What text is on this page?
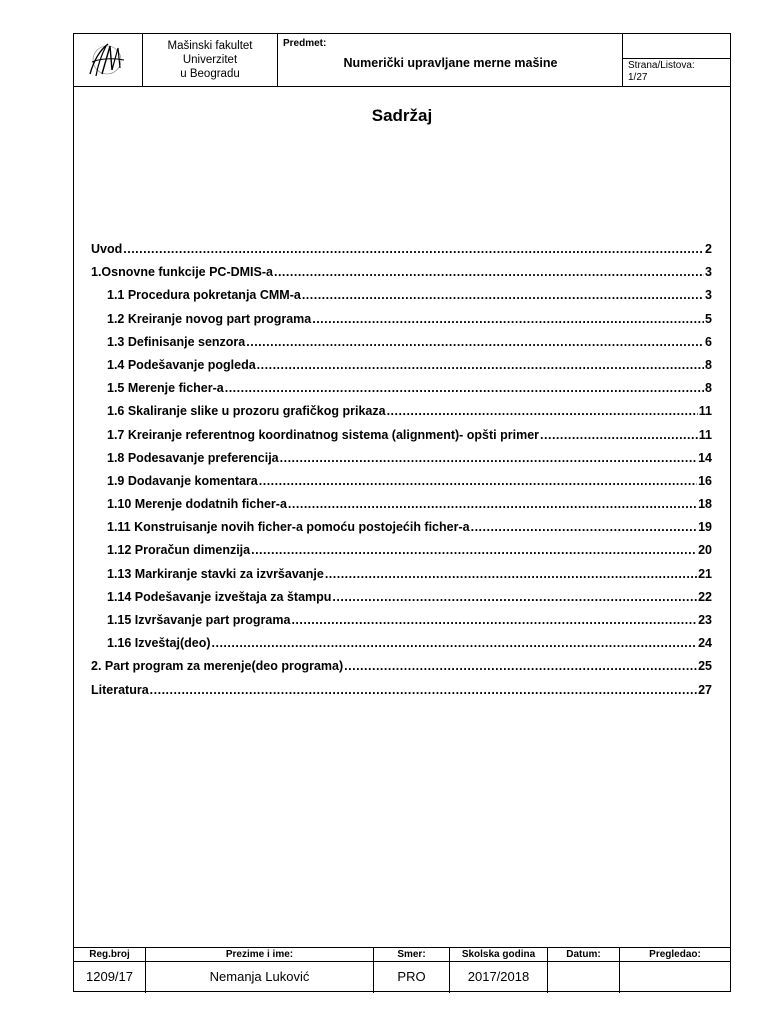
Mašinski fakultet
Univerzitet
u Beogradu
Predmet:
Numerički upravljane merne mašine	Strana/Listova:
1/27
Sadržaj
Uvod .....	2
1.Osnovne funkcije PC-DMIS-a .....	3
1.1 Procedura pokretanja CMM-a .....	3
1.2 Kreiranje novog part programa .....	5
1.3 Definisanje senzora .....	6
1.4 Podešavanje pogleda .....	8
1.5 Merenje ficher-a .....	8
1.6 Skaliranje slike u prozoru grafičkog prikaza .....	11
1.7 Kreiranje referentnog koordinatnog sistema (alignment)- opšti primer .....	11
1.8 Podesavanje preferencija .....	14
1.9 Dodavanje komentara .....	16
1.10 Merenje dodatnih ficher-a .....	18
1.11 Konstruisanje novih ficher-a pomoću postojećih ficher-a .....	19
1.12 Proračun dimenzija .....	20
1.13 Markiranje stavki za izvršavanje .....	21
1.14 Podešavanje izveštaja za štampu .....	22
1.15 Izvršavanje part programa .....	23
1.16 Izveštaj(deo) .....	24
2. Part program za merenje(deo programa) .....	25
Literatura .....	27
Reg.broj
1209/17
Prezime i ime:
Nemanja Luković
Smer:
PRO
Skolska godina
2017/2018
Datum:	Pregledao:
